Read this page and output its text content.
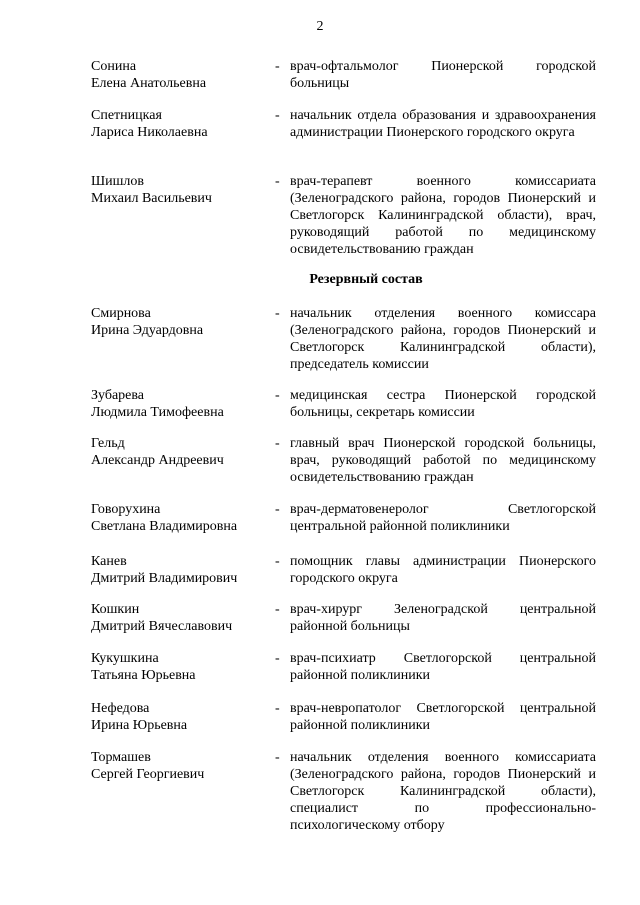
2
Сонина
Елена Анатольевна
- врач-офтальмолог Пионерской городской больницы
Спетницкая
Лариса Николаевна
- начальник отдела образования и здравоохранения администрации Пионерского городского округа
Шишлов
Михаил Васильевич
- врач-терапевт военного комиссариата (Зеленоградского района, городов Пионерский и Светлогорск Калининградской области), врач, руководящий работой по медицинскому освидетельствованию граждан
Резервный состав
Смирнова
Ирина Эдуардовна
- начальник отделения военного комиссара (Зеленоградского района, городов Пионерский и Светлогорск Калининградской области), председатель комиссии
Зубарева
Людмила Тимофеевна
- медицинская сестра Пионерской городской больницы, секретарь комиссии
Гельд
Александр Андреевич
- главный врач Пионерской городской больницы, врач, руководящий работой по медицинскому освидетельствованию граждан
Говорухина
Светлана Владимировна
- врач-дерматовенеролог Светлогорской центральной районной поликлиники
Канев
Дмитрий Владимирович
- помощник главы администрации Пионерского городского округа
Кошкин
Дмитрий Вячеславович
- врач-хирург Зеленоградской центральной районной больницы
Кукушкина
Татьяна Юрьевна
- врач-психиатр Светлогорской центральной районной поликлиники
Нефедова
Ирина Юрьевна
- врач-невропатолог Светлогорской центральной районной поликлиники
Тормашев
Сергей Георгиевич
- начальник отделения военного комиссариата (Зеленоградского района, городов Пионерский и Светлогорск Калининградской области), специалист по профессионально-психологическому отбору
